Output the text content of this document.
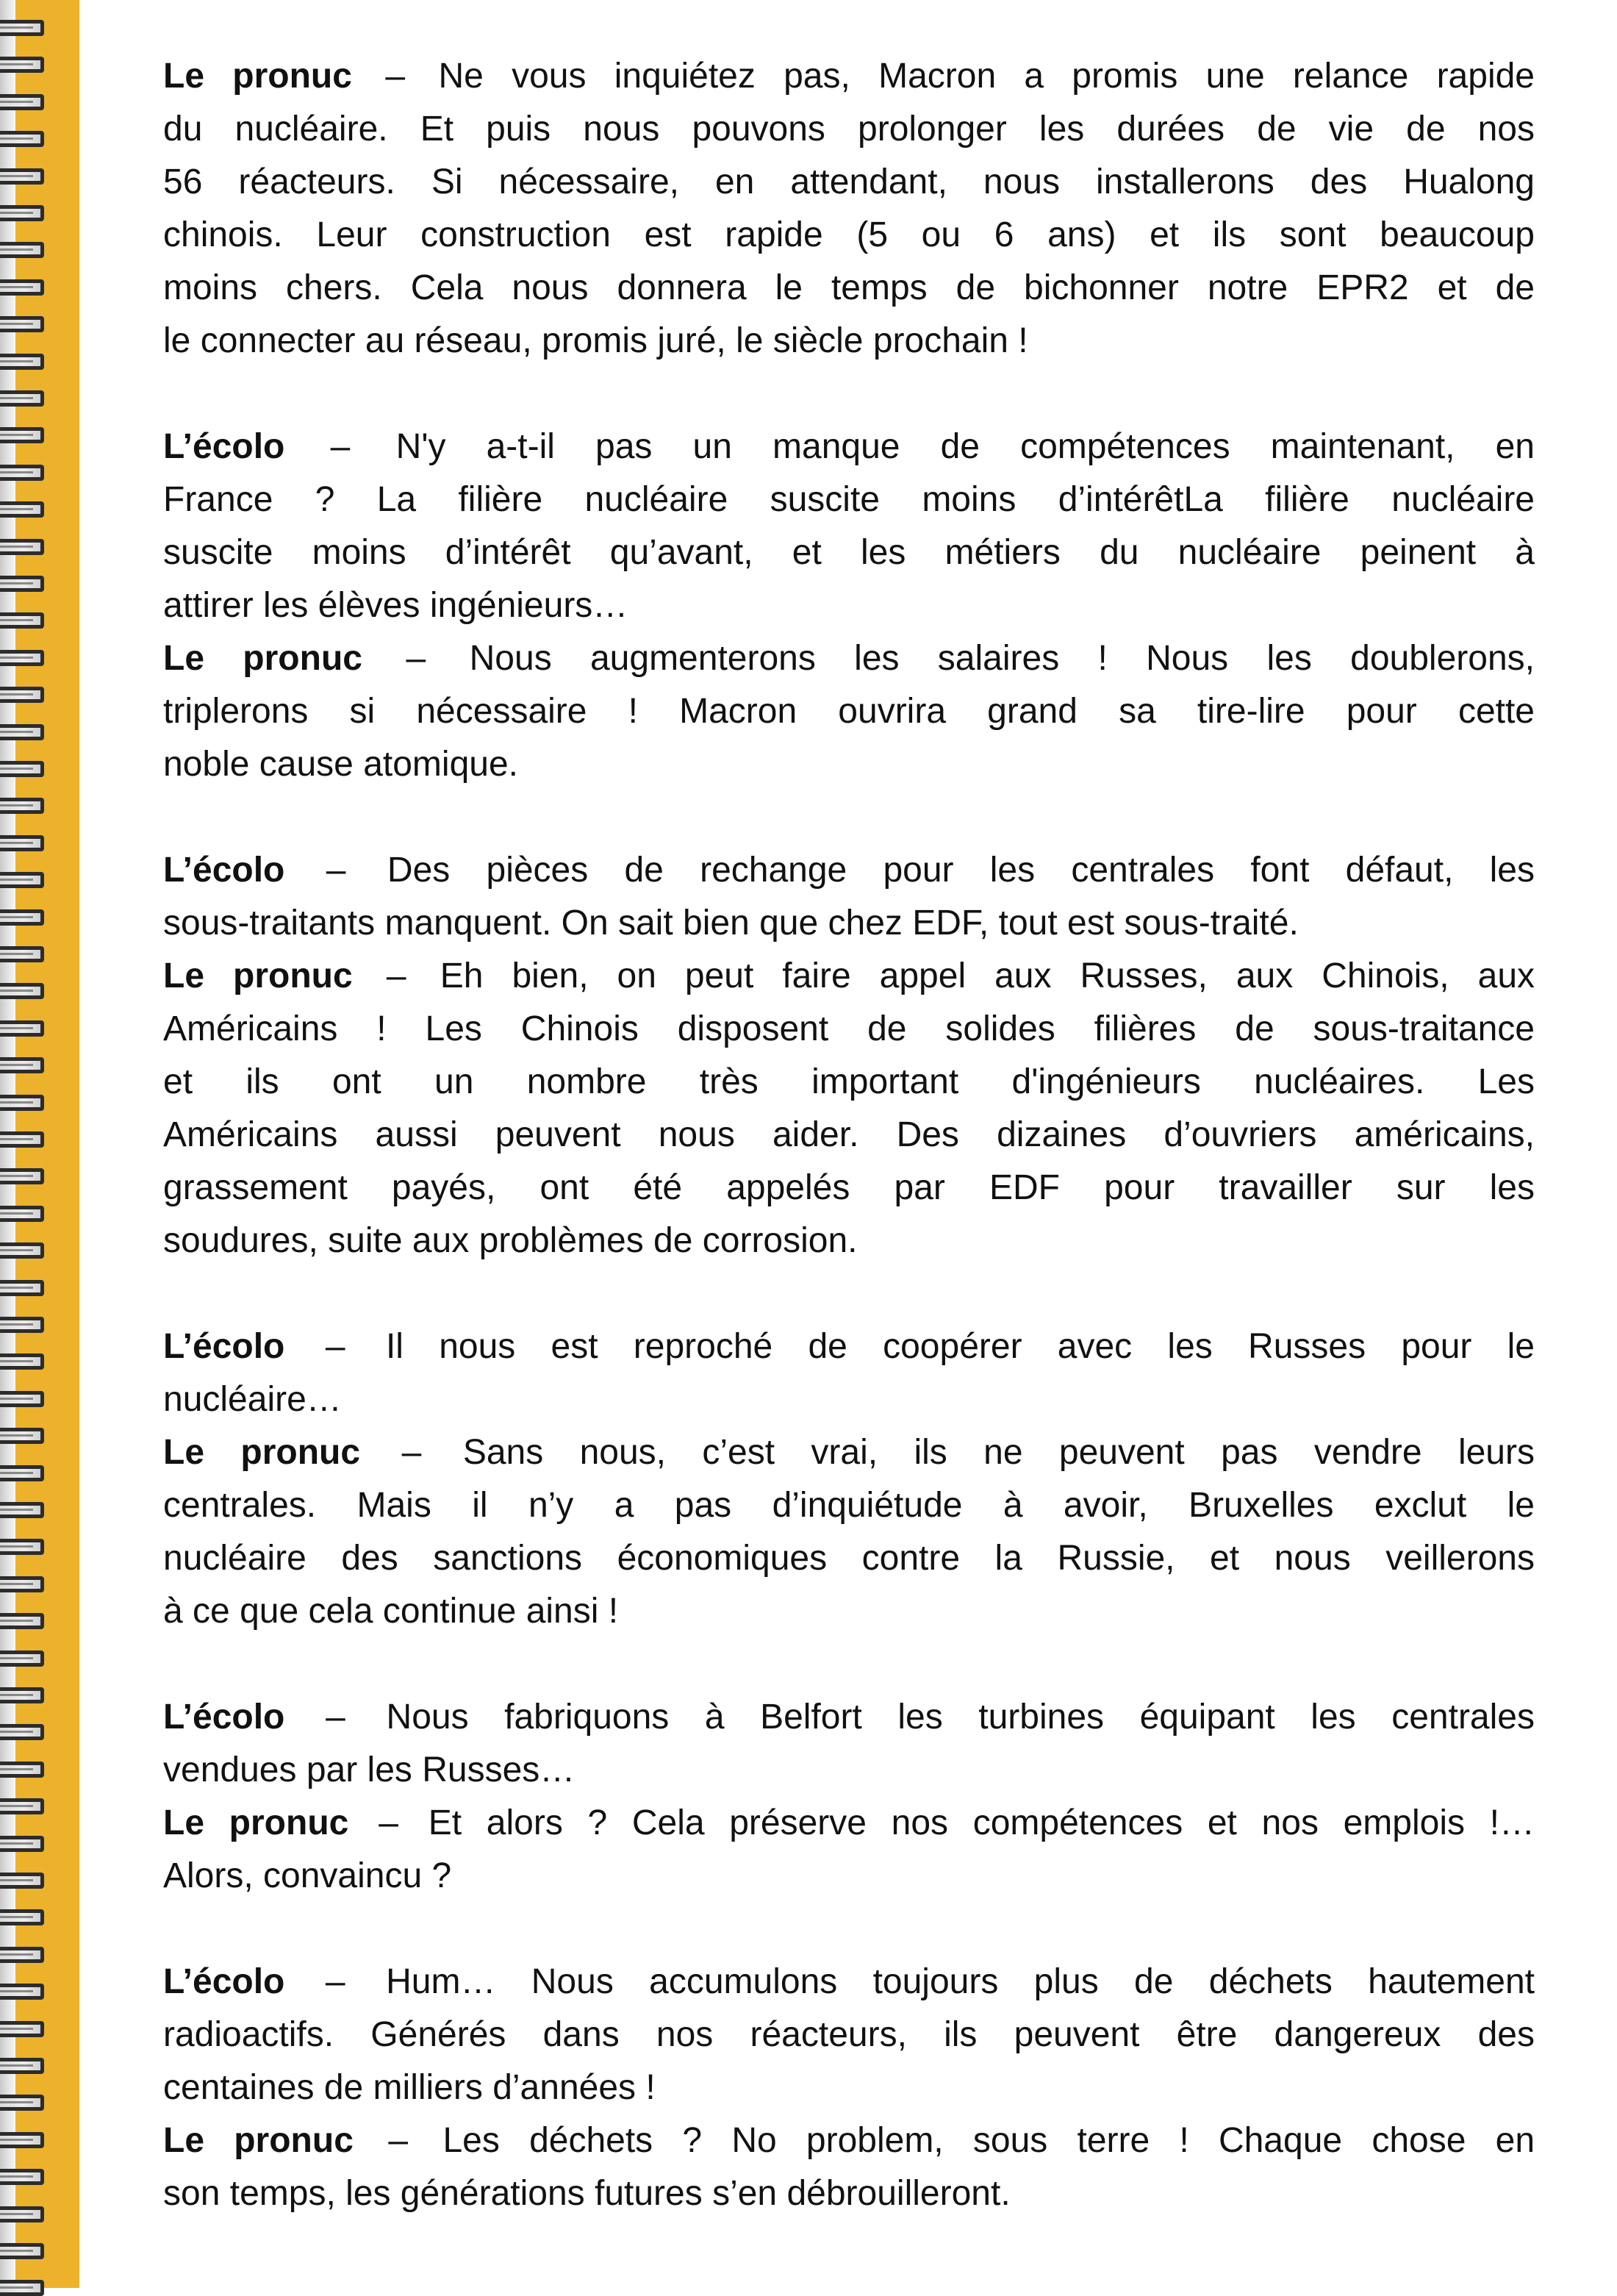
Le pronuc – Ne vous inquiétez pas, Macron a promis une relance rapide
du nucléaire. Et puis nous pouvons prolonger les durées de vie de nos
56 réacteurs. Si nécessaire, en attendant, nous installerons des Hualong
chinois. Leur construction est rapide (5 ou 6 ans) et ils sont beaucoup
moins chers. Cela nous donnera le temps de bichonner notre EPR2 et de
le connecter au réseau, promis juré, le siècle prochain !
L’écolo – N'y a-t-il pas un manque de compétences maintenant, en
France ? La filière nucléaire suscite moins d’intérêtLa filière nucléaire
suscite moins d’intérêt qu’avant, et les métiers du nucléaire peinent à
attirer les élèves ingénieurs…
Le pronuc – Nous augmenterons les salaires ! Nous les doublerons,
triplerons si nécessaire ! Macron ouvrira grand sa tire-lire pour cette
noble cause atomique.
L’écolo – Des pièces de rechange pour les centrales font défaut, les
sous-traitants manquent. On sait bien que chez EDF, tout est sous-traité.
Le pronuc – Eh bien, on peut faire appel aux Russes, aux Chinois, aux
Américains ! Les Chinois disposent de solides filières de sous-traitance
et ils ont un nombre très important d'ingénieurs nucléaires. Les
Américains aussi peuvent nous aider. Des dizaines d’ouvriers américains,
grassement payés, ont été appelés par EDF pour travailler sur les
soudures, suite aux problèmes de corrosion.
L’écolo – Il nous est reproché de coopérer avec les Russes pour le
nucléaire…
Le pronuc – Sans nous, c’est vrai, ils ne peuvent pas vendre leurs
centrales. Mais il n’y a pas d’inquiétude à avoir, Bruxelles exclut le
nucléaire des sanctions économiques contre la Russie, et nous veillerons
à ce que cela continue ainsi !
L’écolo – Nous fabriquons à Belfort les turbines équipant les centrales
vendues par les Russes…
Le pronuc – Et alors ? Cela préserve nos compétences et nos emplois !…
Alors, convaincu ?
L’écolo – Hum… Nous accumulons toujours plus de déchets hautement
radioactifs. Générés dans nos réacteurs, ils peuvent être dangereux des
centaines de milliers d’années !
Le pronuc – Les déchets ? No problem, sous terre ! Chaque chose en
son temps, les générations futures s’en débrouilleront.
